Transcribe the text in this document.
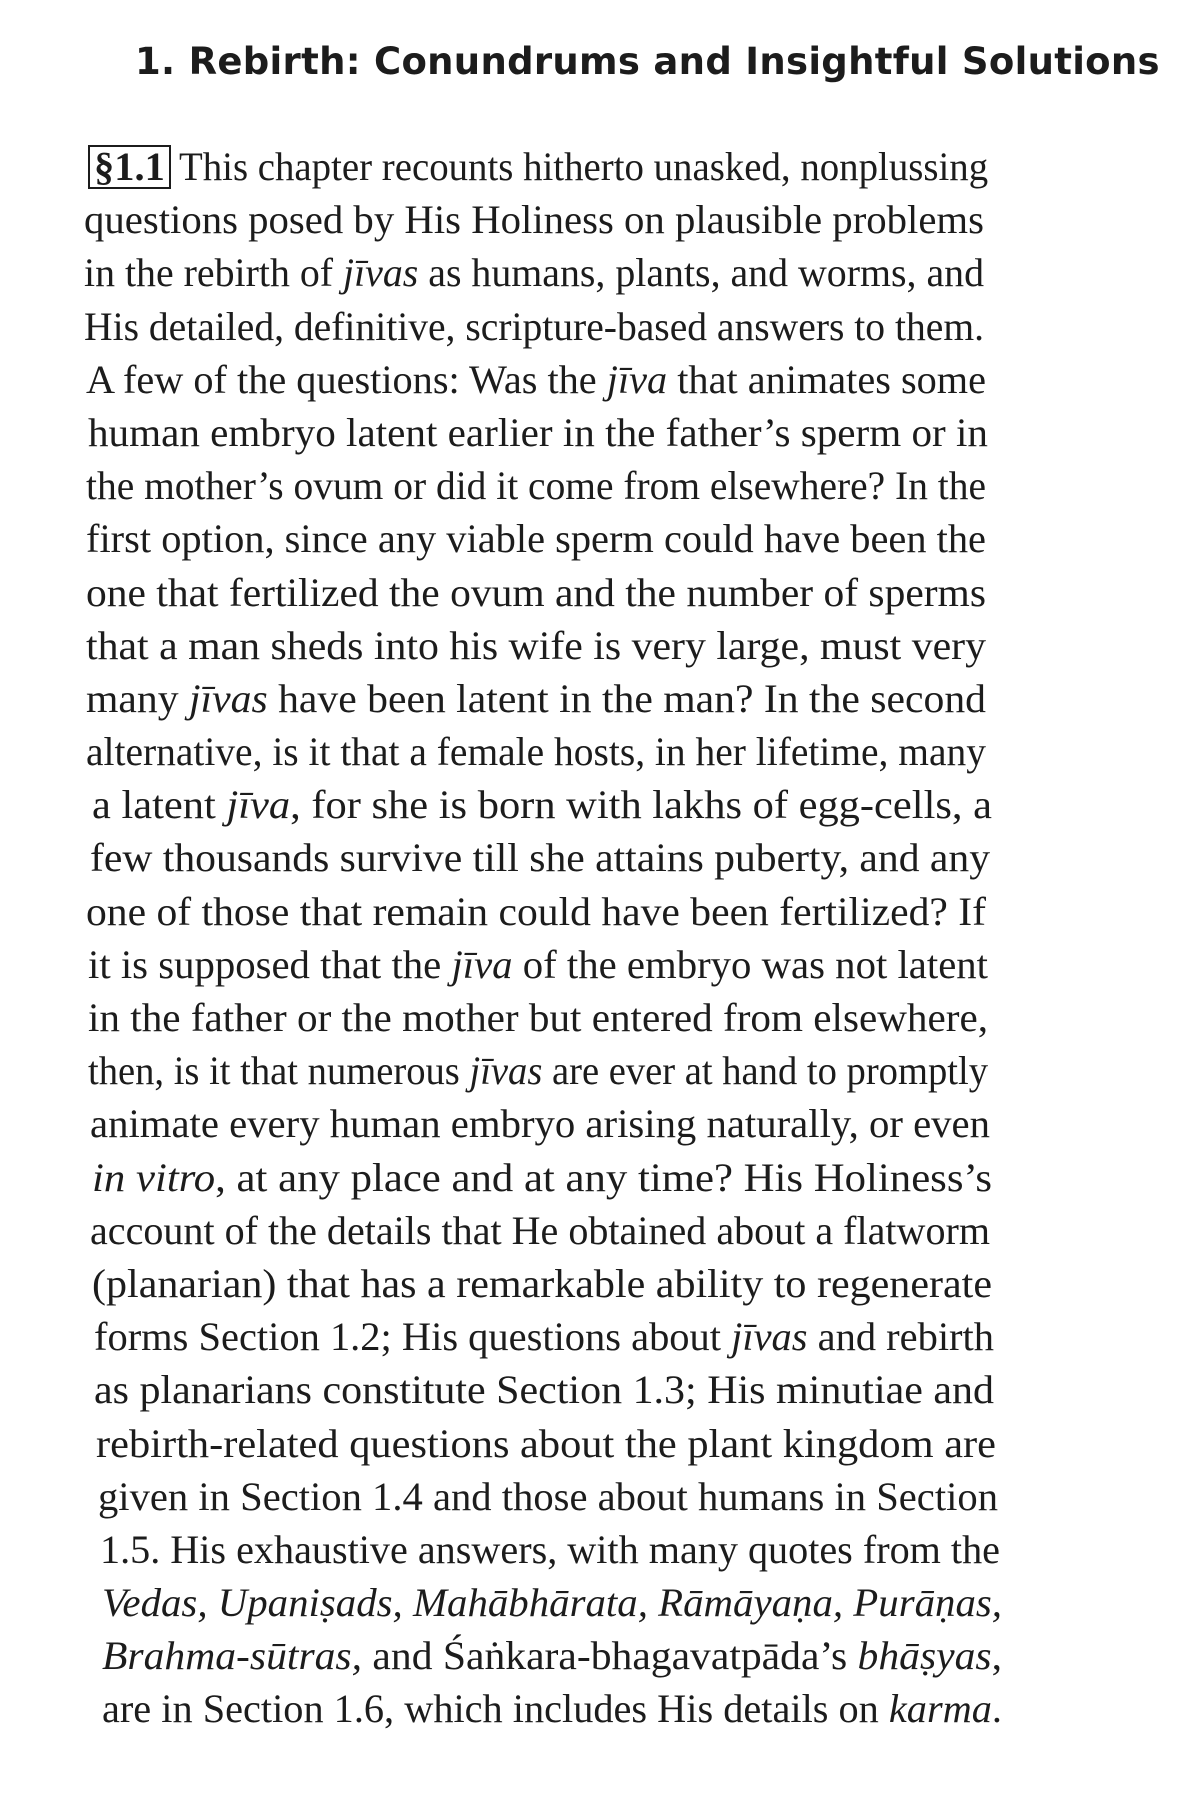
1. Rebirth: Conundrums and Insightful Solutions
§1.1 This chapter recounts hitherto unasked, nonplussing
questions posed by His Holiness on plausible problems
in the rebirth of jīvas as humans, plants, and worms, and
His detailed, definitive, scripture-based answers to them.
A few of the questions: Was the jīva that animates some
human embryo latent earlier in the father’s sperm or in
the mother’s ovum or did it come from elsewhere? In the
first option, since any viable sperm could have been the
one that fertilized the ovum and the number of sperms
that a man sheds into his wife is very large, must very
many jīvas have been latent in the man? In the second
alternative, is it that a female hosts, in her lifetime, many
a latent jīva, for she is born with lakhs of egg-cells, a
few thousands survive till she attains puberty, and any
one of those that remain could have been fertilized? If
it is supposed that the jīva of the embryo was not latent
in the father or the mother but entered from elsewhere,
then, is it that numerous jīvas are ever at hand to promptly
animate every human embryo arising naturally, or even
in vitro, at any place and at any time? His Holiness’s
account of the details that He obtained about a flatworm
(planarian) that has a remarkable ability to regenerate
forms Section 1.2; His questions about jīvas and rebirth
as planarians constitute Section 1.3; His minutiae and
rebirth-related questions about the plant kingdom are
given in Section 1.4 and those about humans in Section
1.5. His exhaustive answers, with many quotes from the
Vedas, Upaniṣads, Mahābhārata, Rāmāyaṇa, Purāṇas,
Brahma-sūtras, and Śaṅkara-bhagavatpāda’s bhāṣyas,
are in Section 1.6, which includes His details on karma.
